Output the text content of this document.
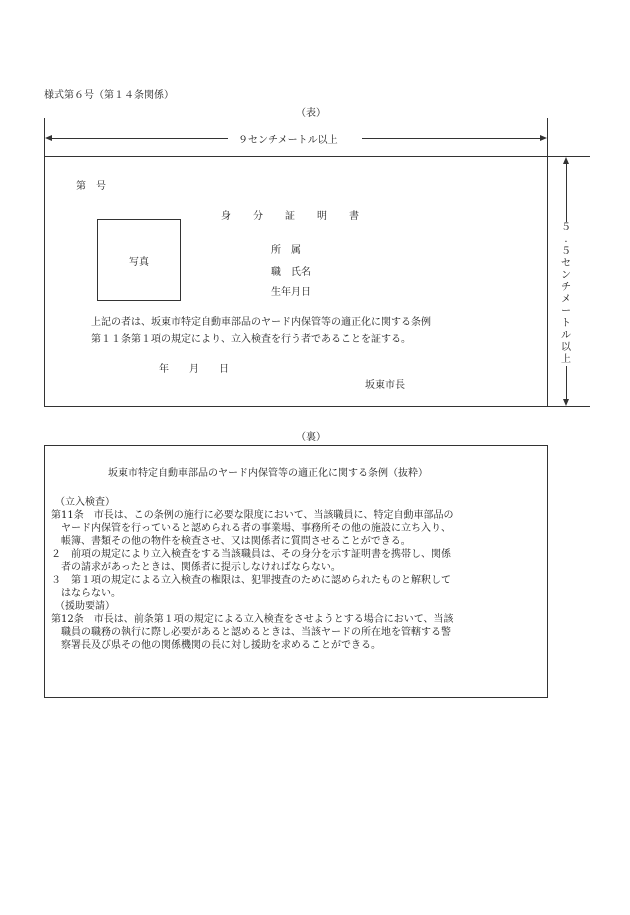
様式第６号（第１４条関係）
（表）
９センチメートル以上
第　号
身分証明書
写真
所　属
職　氏名
生年月日
上記の者は、坂東市特定自動車部品のヤード内保管等の適正化に関する条例
第１１条第１項の規定により、立入検査を行う者であることを証する。
年　　月　　日
坂東市長
５
.
５
セ
ン
チ
メ
ー
ト
ル
以
上
（裏）
坂東市特定自動車部品のヤード内保管等の適正化に関する条例（抜粋）
（立入検査）
第11条　市長は、この条例の施行に必要な限度において、当該職員に、特定自動車部品の
ヤード内保管を行っていると認められる者の事業場、事務所その他の施設に立ち入り、
帳簿、書類その他の物件を検査させ、又は関係者に質問させることができる。
２　前項の規定により立入検査をする当該職員は、その身分を示す証明書を携帯し、関係
者の請求があったときは、関係者に提示しなければならない。
３　第１項の規定による立入検査の権限は、犯罪捜査のために認められたものと解釈して
はならない。
（援助要請）
第12条　市長は、前条第１項の規定による立入検査をさせようとする場合において、当該
職員の職務の執行に際し必要があると認めるときは、当該ヤードの所在地を管轄する警
察署長及び県その他の関係機関の長に対し援助を求めることができる。
